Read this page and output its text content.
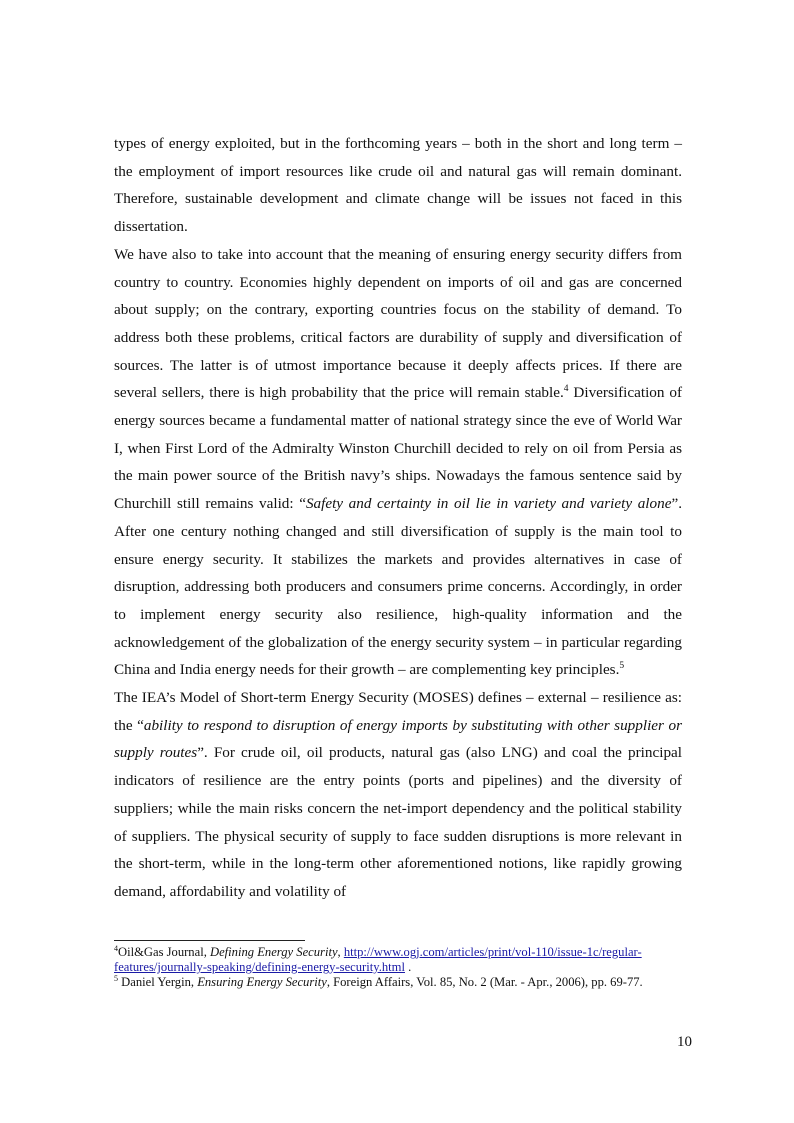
types of energy exploited, but in the forthcoming years – both in the short and long term – the employment of import resources like crude oil and natural gas will remain dominant. Therefore, sustainable development and climate change will be issues not faced in this dissertation.

We have also to take into account that the meaning of ensuring energy security differs from country to country. Economies highly dependent on imports of oil and gas are concerned about supply; on the contrary, exporting countries focus on the stability of demand. To address both these problems, critical factors are durability of supply and diversification of sources. The latter is of utmost importance because it deeply affects prices. If there are several sellers, there is high probability that the price will remain stable.$^4$ Diversification of energy sources became a fundamental matter of national strategy since the eve of World War I, when First Lord of the Admiralty Winston Churchill decided to rely on oil from Persia as the main power source of the British navy’s ships. Nowadays the famous sentence said by Churchill still remains valid: “Safety and certainty in oil lie in variety and variety alone”. After one century nothing changed and still diversification of supply is the main tool to ensure energy security. It stabilizes the markets and provides alternatives in case of disruption, addressing both producers and consumers prime concerns. Accordingly, in order to implement energy security also resilience, high-quality information and the acknowledgement of the globalization of the energy security system – in particular regarding China and India energy needs for their growth – are complementing key principles.$^5$

The IEA’s Model of Short-term Energy Security (MOSES) defines – external – resilience as: the “ability to respond to disruption of energy imports by substituting with other supplier or supply routes”. For crude oil, oil products, natural gas (also LNG) and coal the principal indicators of resilience are the entry points (ports and pipelines) and the diversity of suppliers; while the main risks concern the net-import dependency and the political stability of suppliers. The physical security of supply to face sudden disruptions is more relevant in the short-term, while in the long-term other aforementioned notions, like rapidly growing demand, affordability and volatility of

$^4$Oil&Gas Journal, Defining Energy Security, http://www.ogj.com/articles/print/vol-110/issue-1c/regular-features/journally-speaking/defining-energy-security.html .

$^5$ Daniel Yergin, Ensuring Energy Security, Foreign Affairs, Vol. 85, No. 2 (Mar. - Apr., 2006), pp. 69-77.

10
